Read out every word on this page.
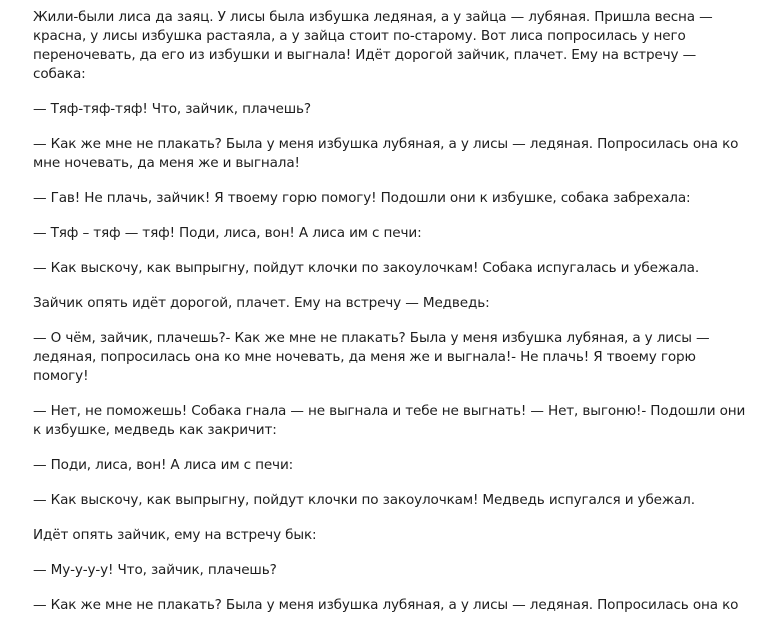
Жили-были лиса да заяц. У лисы была избушка ледяная, а у зайца — лубяная. Пришла весна — красна, у лисы избушка растаяла, а у зайца стоит по-старому. Вот лиса попросилась у него переночевать, да его из избушки и выгнала! Идёт дорогой зайчик, плачет. Ему на встречу — собака:

— Тяф-тяф-тяф! Что, зайчик, плачешь?

— Как же мне не плакать? Была у меня избушка лубяная, а у лисы — ледяная. Попросилась она ко мне ночевать, да меня же и выгнала!

— Гав! Не плачь, зайчик! Я твоему горю помогу! Подошли они к избушке, собака забрехала:

— Тяф – тяф — тяф! Поди, лиса, вон! А лиса им с печи:

— Как выскочу, как выпрыгну, пойдут клочки по закоулочкам! Собака испугалась и убежала.

Зайчик опять идёт дорогой, плачет. Ему на встречу — Медведь:

— О чём, зайчик, плачешь?- Как же мне не плакать? Была у меня избушка лубяная, а у лисы — ледяная, попросилась она ко мне ночевать, да меня же и выгнала!- Не плачь! Я твоему горю помогу!

— Нет, не поможешь! Собака гнала — не выгнала и тебе не выгнать! — Нет, выгоню!- Подошли они к избушке, медведь как закричит:

— Поди, лиса, вон! А лиса им с печи:

— Как выскочу, как выпрыгну, пойдут клочки по закоулочкам! Медведь испугался и убежал.

Идёт опять зайчик, ему на встречу бык:

— Му-у-у-у! Что, зайчик, плачешь?

— Как же мне не плакать? Была у меня избушка лубяная, а у лисы — ледяная. Попросилась она ко
